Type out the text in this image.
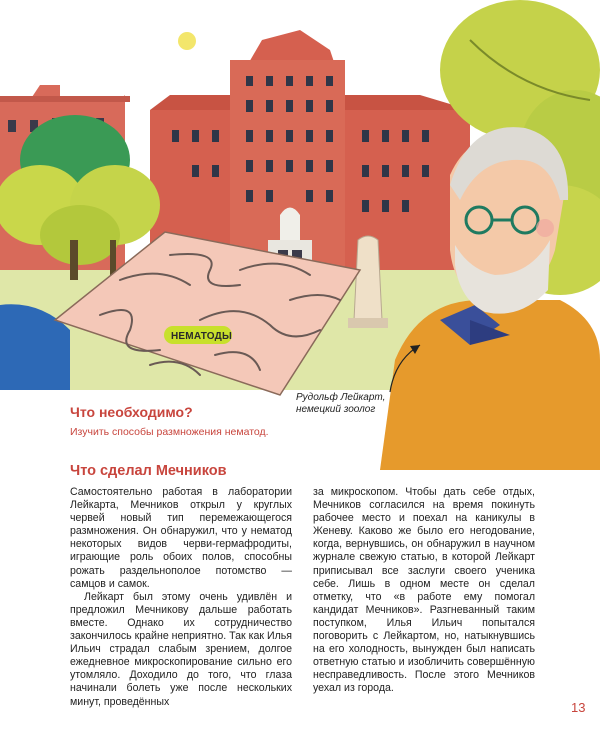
НЕМАТОДЫ
Рудольф Лейкарт, немецкий зоолог
Что необходимо?

Изучить способы размножения нематод.

Что сделал Мечников

Самостоятельно работая в лаборатории Лейкарта, Мечников открыл у круглых червей новый тип перемежающегося размножения. Он обнаружил, что у нематод некоторых видов черви-гермафродиты, играющие роль обоих полов, способны рожать раздельнополое потомство — самцов и самок.

Лейкарт был этому очень удивлён и предложил Мечникову дальше работать вместе. Однако их сотрудничество закончилось крайне неприятно. Так как Илья Ильич страдал слабым зрением, долгое ежедневное микроскопирование сильно его утомляло. Доходило до того, что глаза начинали болеть уже после нескольких минут, проведённых

за микроскопом. Чтобы дать себе отдых, Мечников согласился на время покинуть рабочее место и поехал на каникулы в Женеву. Каково же было его негодование, когда, вернувшись, он обнаружил в научном журнале свежую статью, в которой Лейкарт приписывал все заслуги своего ученика себе. Лишь в одном месте он сделал отметку, что «в работе ему помогал кандидат Мечников». Разгневанный таким поступком, Илья Ильич попытался поговорить с Лейкартом, но, натыкнувшись на его холодность, вынужден был написать ответную статью и изобличить совершённую несправедливость. После этого Мечников уехал из города.

13
